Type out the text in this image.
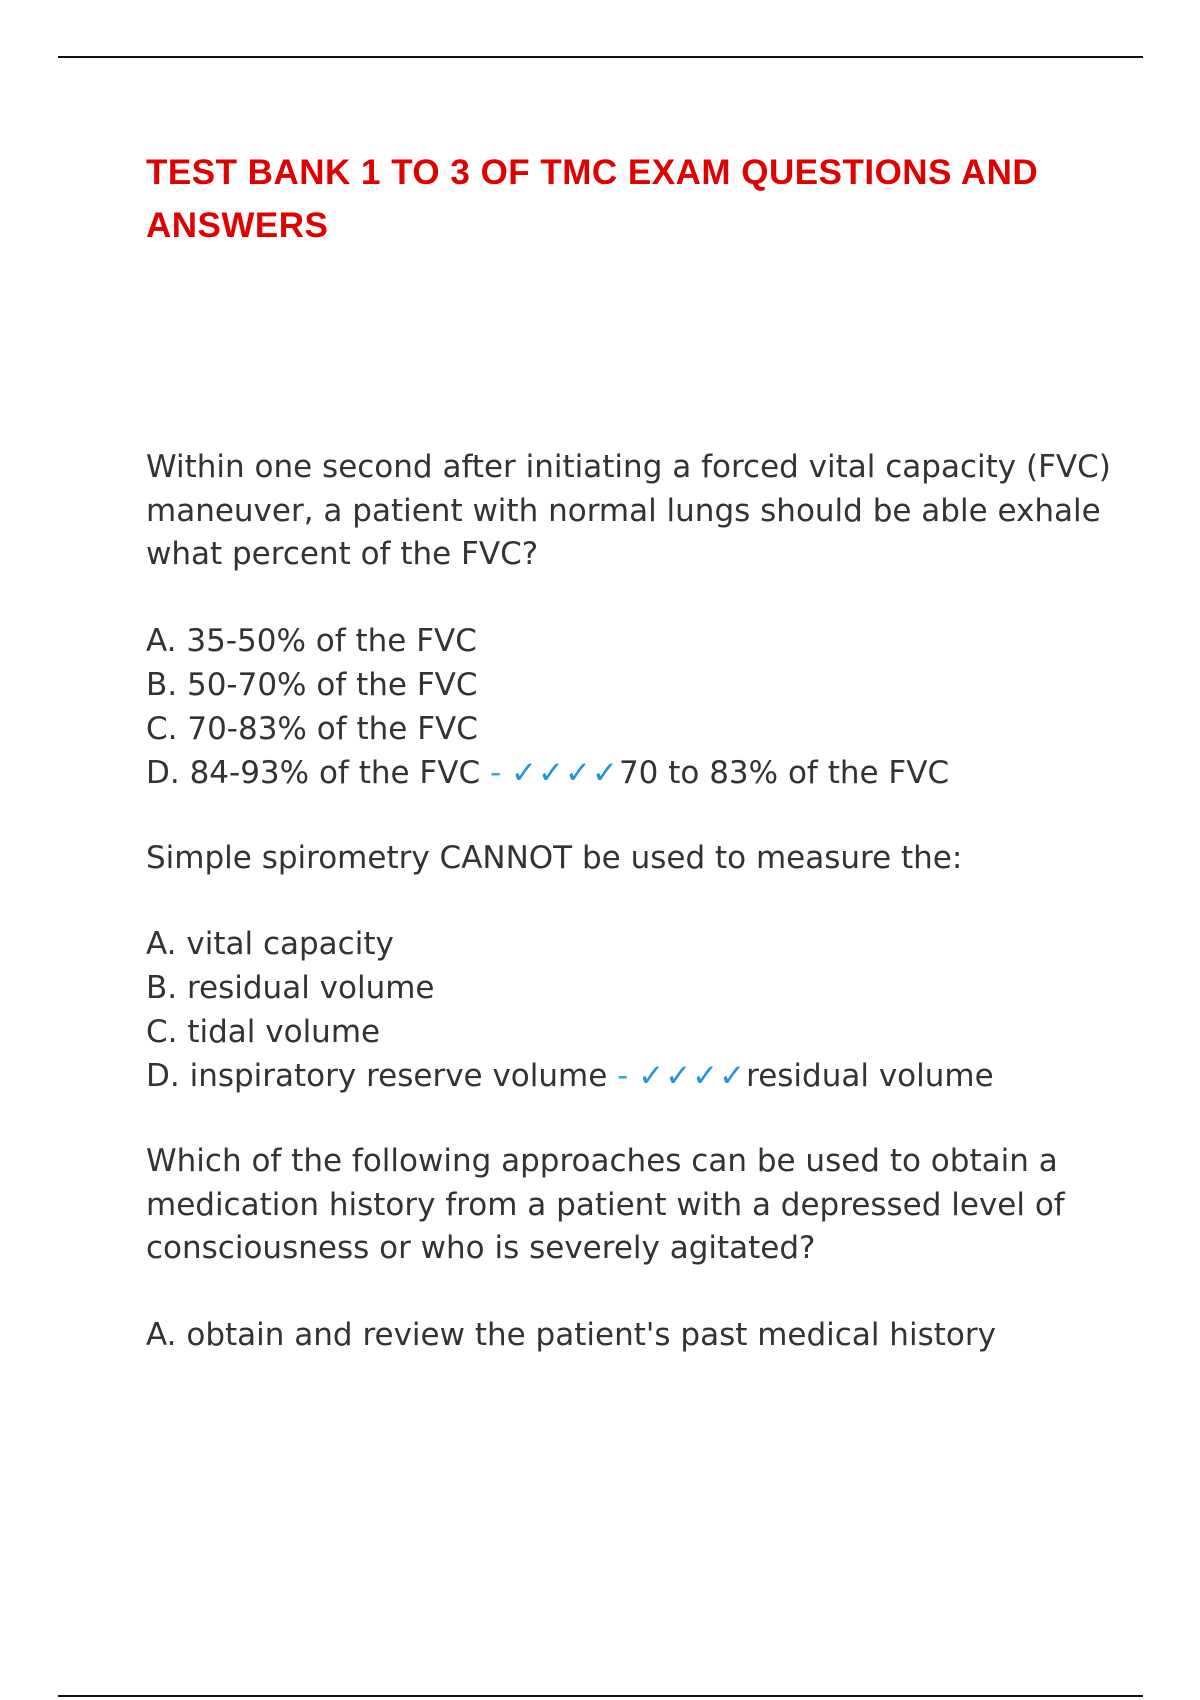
TEST BANK 1 TO 3 OF TMC EXAM QUESTIONS AND ANSWERS

Within one second after initiating a forced vital capacity (FVC) maneuver, a patient with normal lungs should be able exhale what percent of the FVC?

A. 35-50% of the FVC
B. 50-70% of the FVC
C. 70-83% of the FVC
D. 84-93% of the FVC - ✓✓✓✓70 to 83% of the FVC

Simple spirometry CANNOT be used to measure the:

A. vital capacity
B. residual volume
C. tidal volume
D. inspiratory reserve volume - ✓✓✓✓residual volume

Which of the following approaches can be used to obtain a medication history from a patient with a depressed level of consciousness or who is severely agitated?

A. obtain and review the patient's past medical history
